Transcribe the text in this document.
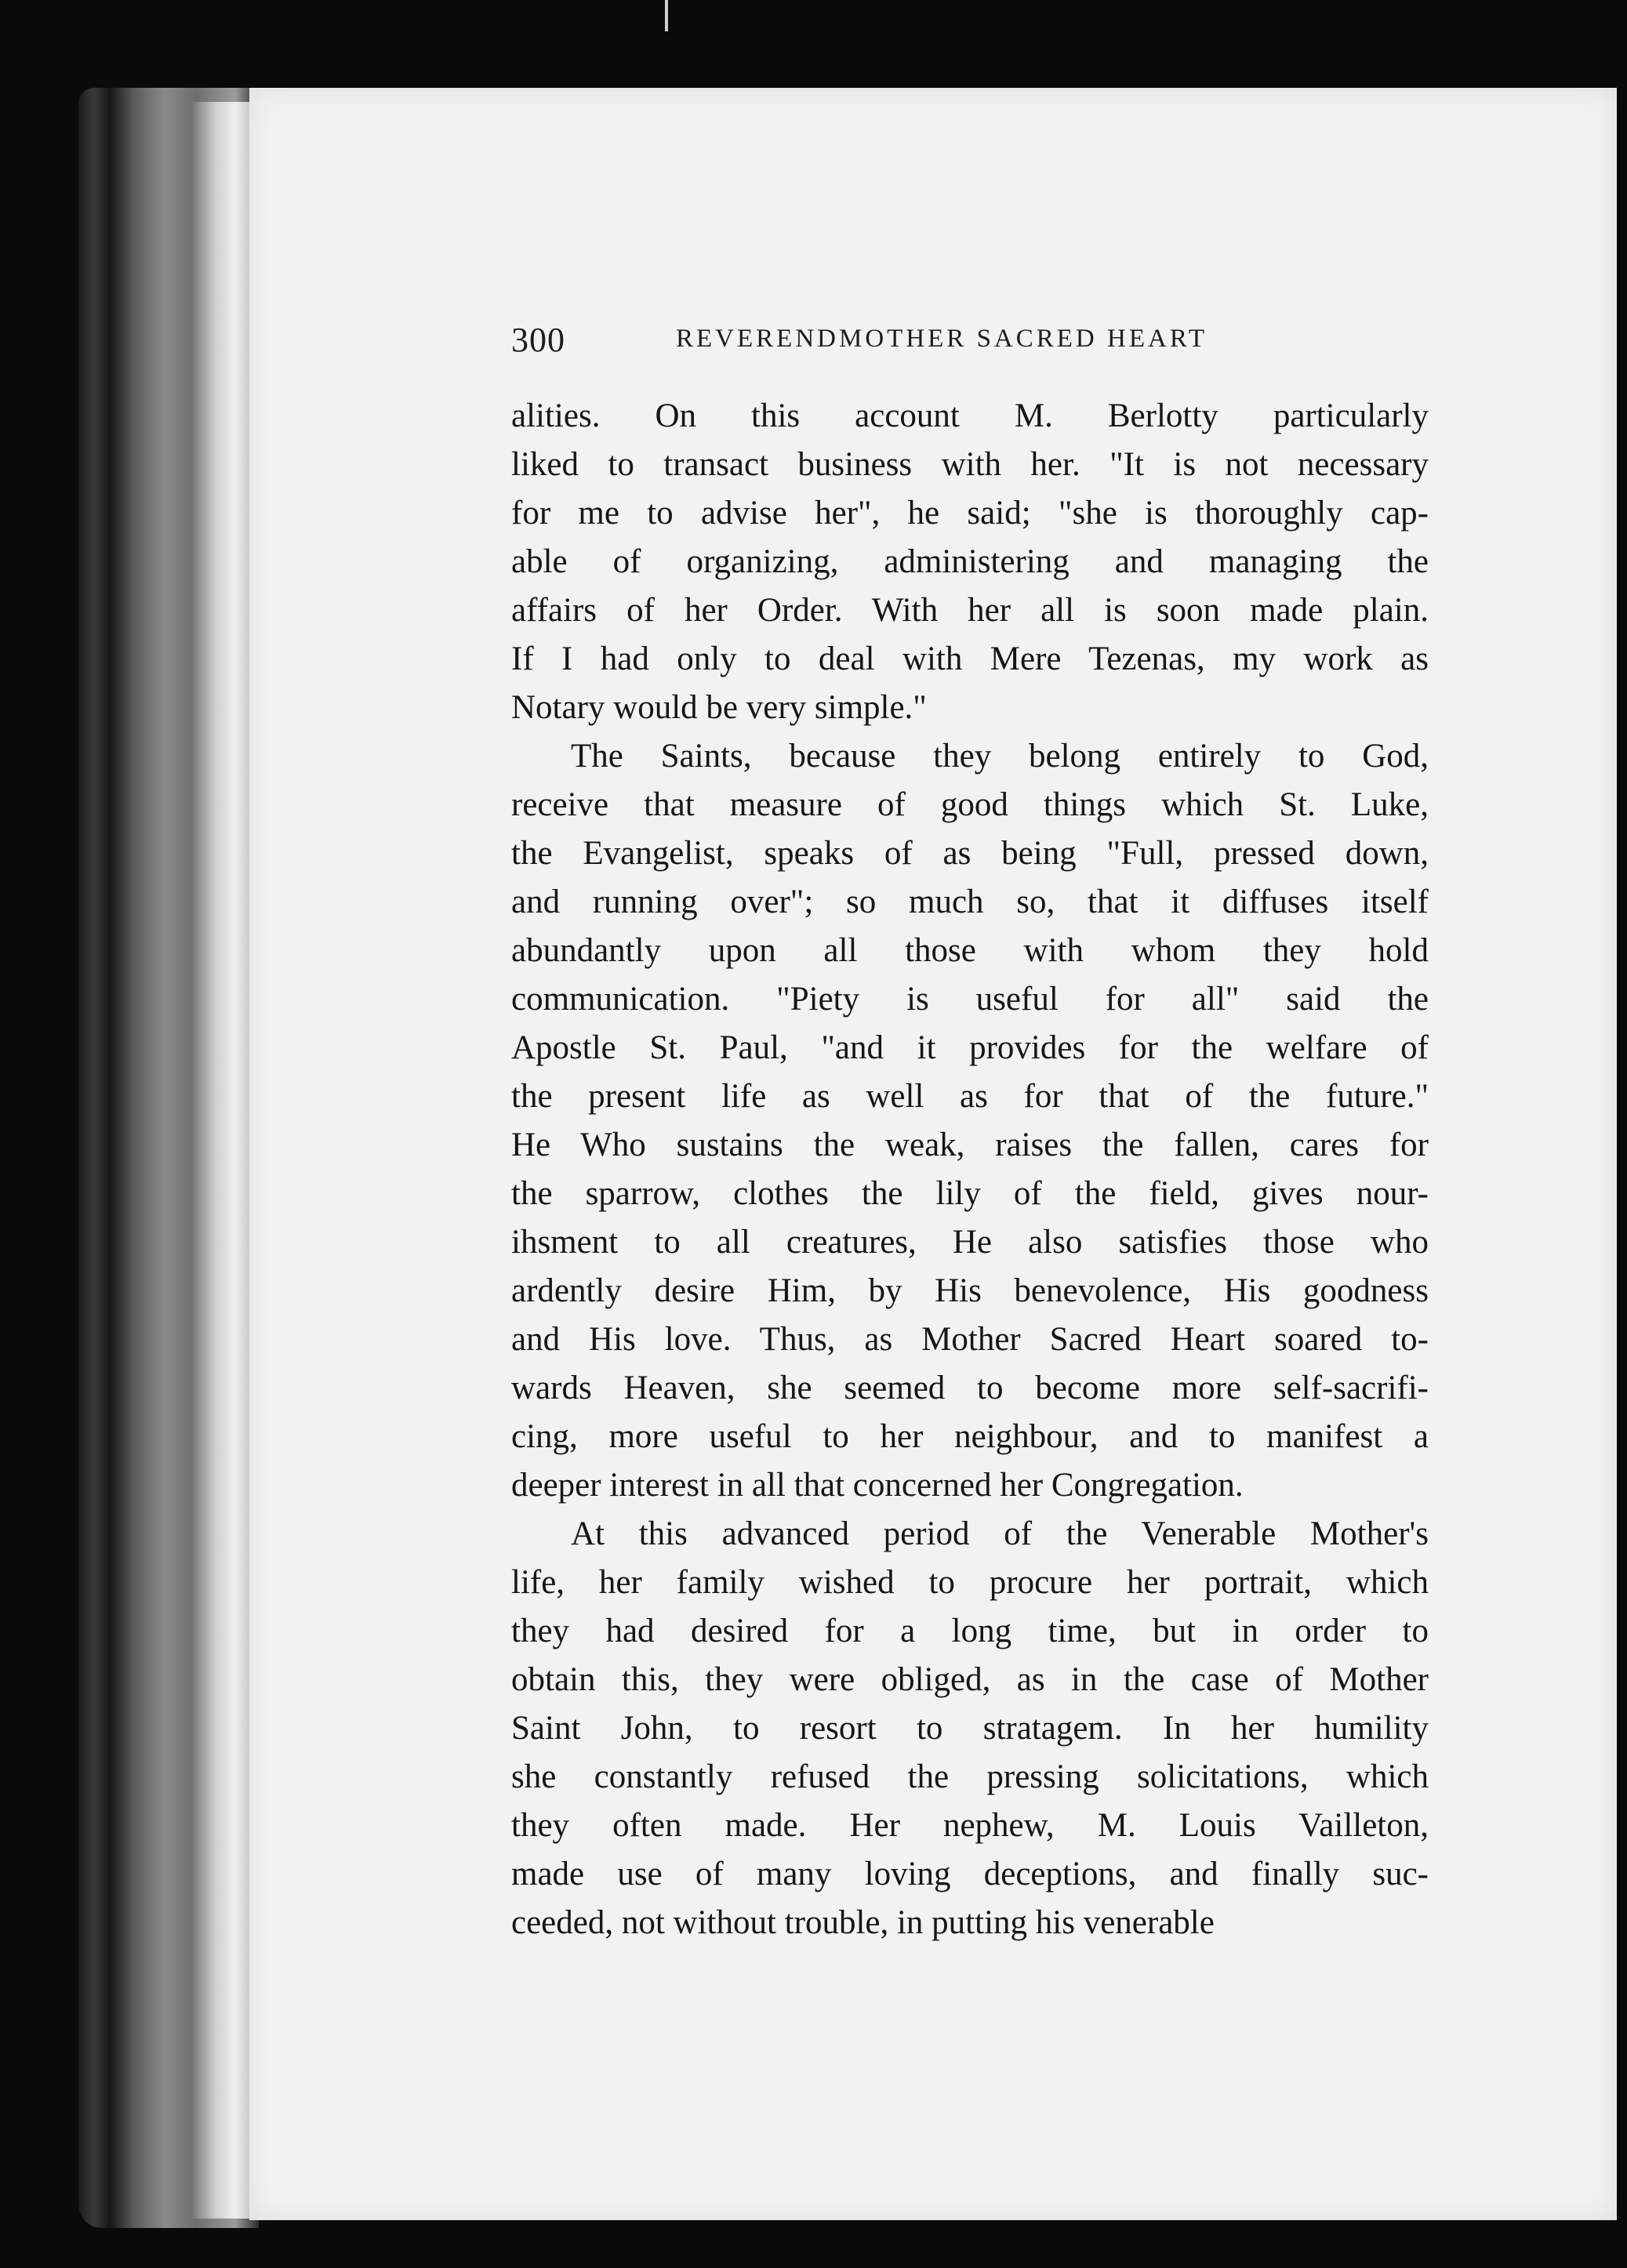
300	REVERENDMOTHER SACRED HEART
alities. On this account M. Berlotty particularly
liked to transact business with her. "It is not necessary
for me to advise her", he said; "she is thoroughly cap-
able of organizing, administering and managing the
affairs of her Order. With her all is soon made plain.
If I had only to deal with Mere Tezenas, my work as
Notary would be very simple."
The Saints, because they belong entirely to God,
receive that measure of good things which St. Luke,
the Evangelist, speaks of as being "Full, pressed down,
and running over"; so much so, that it diffuses itself
abundantly upon all those with whom they hold
communication. "Piety is useful for all" said the
Apostle St. Paul, "and it provides for the welfare of
the present life as well as for that of the future."
He Who sustains the weak, raises the fallen, cares for
the sparrow, clothes the lily of the field, gives nour-
ihsment to all creatures, He also satisfies those who
ardently desire Him, by His benevolence, His goodness
and His love. Thus, as Mother Sacred Heart soared to-
wards Heaven, she seemed to become more self-sacrifi-
cing, more useful to her neighbour, and to manifest a
deeper interest in all that concerned her Congregation.
At this advanced period of the Venerable Mother's
life, her family wished to procure her portrait, which
they had desired for a long time, but in order to
obtain this, they were obliged, as in the case of Mother
Saint John, to resort to stratagem. In her humility
she constantly refused the pressing solicitations, which
they often made. Her nephew, M. Louis Vailleton,
made use of many loving deceptions, and finally suc-
ceeded, not without trouble, in putting his venerable
